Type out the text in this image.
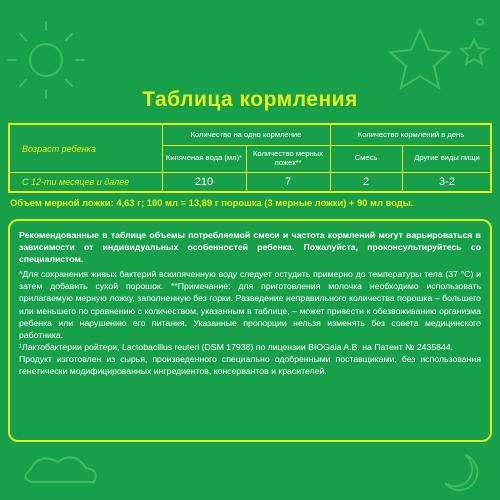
Таблица кормления
Возраст ребенка
Количество на одно кормление	Количество кормлений в день
Кипяченая вода (мл)*	Количество мерных ложек**	Смесь	Другие виды пищи
С 12-ти месяцев и далее	210	7	2	3-2
Объем мерной ложки: 4,63 г; 100 мл = 13,89 г порошка (3 мерные ложки) + 90 мл воды.

Рекомендованные в таблице объемы потребляемой смеси и частота кормлений могут варьироваться в зависимости от индивидуальных особенностей ребенка. Пожалуйста, проконсультируйтесь со специалистом.

*Для сохранения живых бактерий вскипяченную воду следует остудить примерно до температуры тела (37 °С) и затем добавить сухой порошок. **Примечание: для приготовления молочка необходимо использовать прилагаемую мерную ложку, заполненную без горки. Разведение неправильного количества порошка – большего или меньшего по сравнению с количеством, указанным в таблице, – может привести к обезвоживанию организма ребенка или нарушению его питания. Указанные пропорции нельзя изменять без совета медицинского работника.

¹Лактобактерии ройтери, Lactobacillus reuteri (DSM 17938) по лицензии BIOGaia A.B. на Патент № 2435844.

Продукт изготовлен из сырья, произведенного специально одобренными поставщиками, без использования генетически модифицированных ингредиентов, консервантов и красителей.
